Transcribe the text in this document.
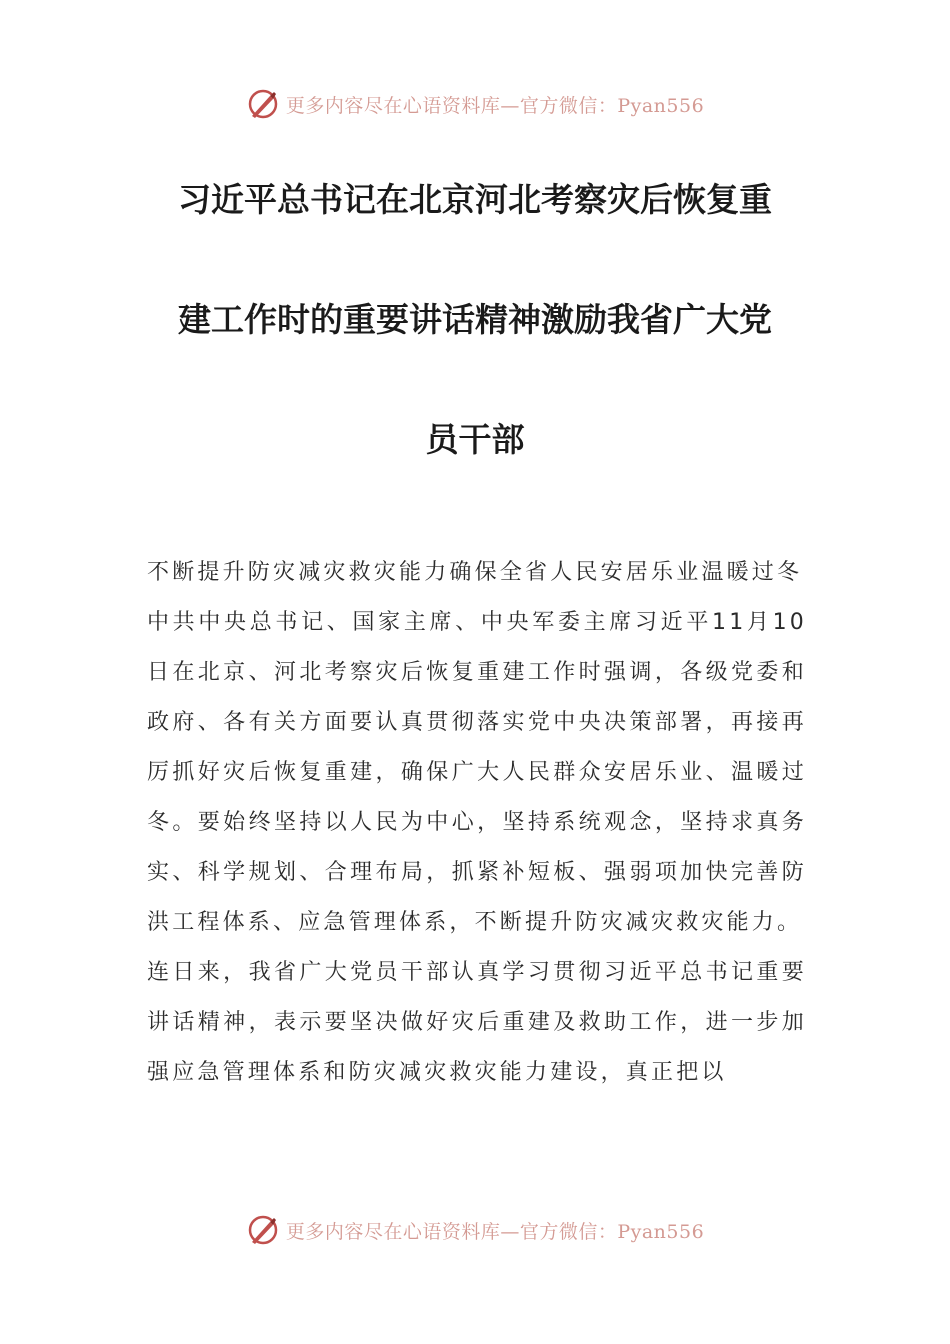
更多内容尽在心语资料库—官方微信：Pyan556
习近平总书记在北京河北考察灾后恢复重
建工作时的重要讲话精神激励我省广大党
员干部

不断提升防灾减灾救灾能力确保全省人民安居乐业温暖过冬

中共中央总书记、国家主席、中央军委主席习近平11月10日在北京、河北考察灾后恢复重建工作时强调，各级党委和政府、各有关方面要认真贯彻落实党中央决策部署，再接再厉抓好灾后恢复重建，确保广大人民群众安居乐业、温暖过冬。要始终坚持以人民为中心，坚持系统观念，坚持求真务实、科学规划、合理布局，抓紧补短板、强弱项加快完善防洪工程体系、应急管理体系，不断提升防灾减灾救灾能力。

连日来，我省广大党员干部认真学习贯彻习近平总书记重要讲话精神，表示要坚决做好灾后重建及救助工作，进一步加强应急管理体系和防灾减灾救灾能力建设，真正把以

更多内容尽在心语资料库—官方微信：Pyan556
